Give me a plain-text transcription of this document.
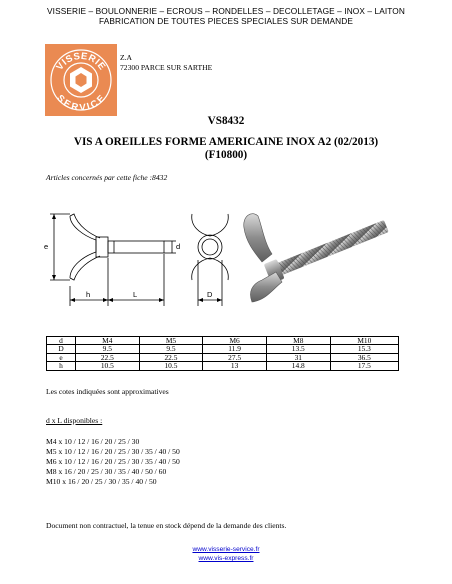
VISSERIE – BOULONNERIE – ECROUS – RONDELLES – DECOLLETAGE – INOX – LAITON
FABRICATION DE TOUTES PIECES SPECIALES SUR DEMANDE
VISSERIE
SERVICE
Z.A
72300 PARCE SUR SARTHE
VS8432
VIS A OREILLES FORME AMERICAINE INOX A2 (02/2013)
(F10800)
Articles concernés par cette fiche :8432
e	d
h	L	D
d	M4	M5	M6	M8	M10
D	9.5	9.5	11.9	13.5	15.3
e	22.5	22.5	27.5	31	36.5
h	10.5	10.5	13	14.8	17.5
Les cotes indiquées sont approximatives
d x L disponibles :
M4 x 10 / 12 / 16 / 20 / 25 / 30
M5 x 10 / 12 / 16 / 20 / 25 / 30 / 35 / 40 / 50
M6 x 10 / 12 / 16 / 20 / 25 / 30 / 35 / 40 / 50
M8 x 16 / 20 / 25 / 30 / 35 / 40 / 50 / 60
M10 x 16 / 20 / 25 / 30 / 35 / 40 / 50
Document non contractuel, la tenue en stock dépend de la demande des clients.
www.visserie-service.fr
www.vis-express.fr
